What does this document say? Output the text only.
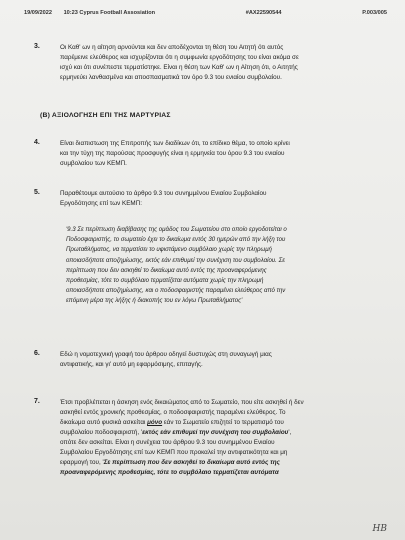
19/09/2022 10:23 Cyprus Football Assosiation	#AX22590544	P.003/005
3.	Οι Καθ' ων η αίτηση αρνούνται και δεν αποδέχονται τη θέση του Αιτητή ότι αυτός
παρέμεινε ελεύθερος και ισχυρίζονται ότι η συμφωνία εργοδότησης του είναι ακόμα σε
ισχύ και ότι συνέπεστε τερματίστηκε. Είναι η θέση των Καθ' ων η Αίτηση ότι, ο Αιτητής
ερμηνεύει λανθασμένα και αποσπασματικά τον όρο 9.3 του ενιαίου συμβολαίου.
(Β) ΑΞΙΟΛΟΓΗΣΗ ΕΠΙ ΤΗΣ ΜΑΡΤΥΡΙΑΣ
4.	Είναι διαπιστωση της Επιτροπής των διαδίκων ότι, το επίδικο θέμα, το οποίο κρίνει
και την τύχη της παρούσας προσφυγής είναι η ερμηνεία του όρου 9.3 του ενιαίου
συμβολαίου των ΚΕΜΠ.
5.	Παραθέτουμε αυτούσιο το άρθρο 9.3 του συνημμένου Ενιαίου Συμβολαίου
Εργοδότησης επί των ΚΕΜΠ:
'9.3 Σε περίπτωση διαβίβασης της ομάδος του Σωματείου στο οποίο εργοδοτείται ο
Ποδοσφαιριστής, το σωματείο έχει το δικαίωμα εντός 30 ημερών από την λήξη του
Πρωταθλήματος, να τερματίσει το υφιστάμενο συμβόλαιο χωρίς την πληρωμή
οποιασδήποτε αποζημίωσης, εκτός εάν επιθυμεί την συνέχιση του συμβολαίου. Σε
περίπτωση που δεν ασκηθεί το δικαίωμα αυτό εντός της προαναφερόμενης
προθεσμίας, τότε το συμβόλαιο τερματίζεται αυτόματα χωρίς την πληρωμή
οποιασδήποτε αποζημίωσης, και ο ποδοσφαιριστής παραμένει ελεύθερος από την
επόμενη μέρα της λήξης ή διακοπής του εν λόγω Πρωταθλήματος'
6.	Εδώ η νομοτεχνική γραφή του άρθρου οδηγεί δυστυχώς στη συναγωγή μιας
αντιφατικής, και γι' αυτό μη εφαρμόσιμης, επιταγής.
7.	Έτσι προβλέπεται η άσκηση ενός δικαιώματος από το Σωματείο, που είτε ασκηθεί ή δεν
ασκηθεί εντός χρονικής προθεσμίας, ο ποδοσφαιριστής παραμένει ελεύθερος. Το
δικαίωμα αυτό φυσικά ασκείται μόνο εάν το Σωματείο επιζητεί το τερματισμό του
συμβολαίου ποδοσφαιριστή, 'εκτός εάν επιθυμεί την συνέχιση του συμβολαίου',
οπότε δεν ασκείται. Είναι η συνέχεια του άρθρου 9.3 του συνημμένου Ενιαίου
Συμβολαίου Εργοδότησης επί των ΚΕΜΠ που προκαλεί την αντιφατικότητα και μη
εφαρμογή του, 'Σε περίπτωση που δεν ασκηθεί το δικαίωμα αυτό εντός της
προαναφερόμενης προθεσμίας, τότε το συμβόλαιο τερματίζεται αυτόματα
ΗΒ
